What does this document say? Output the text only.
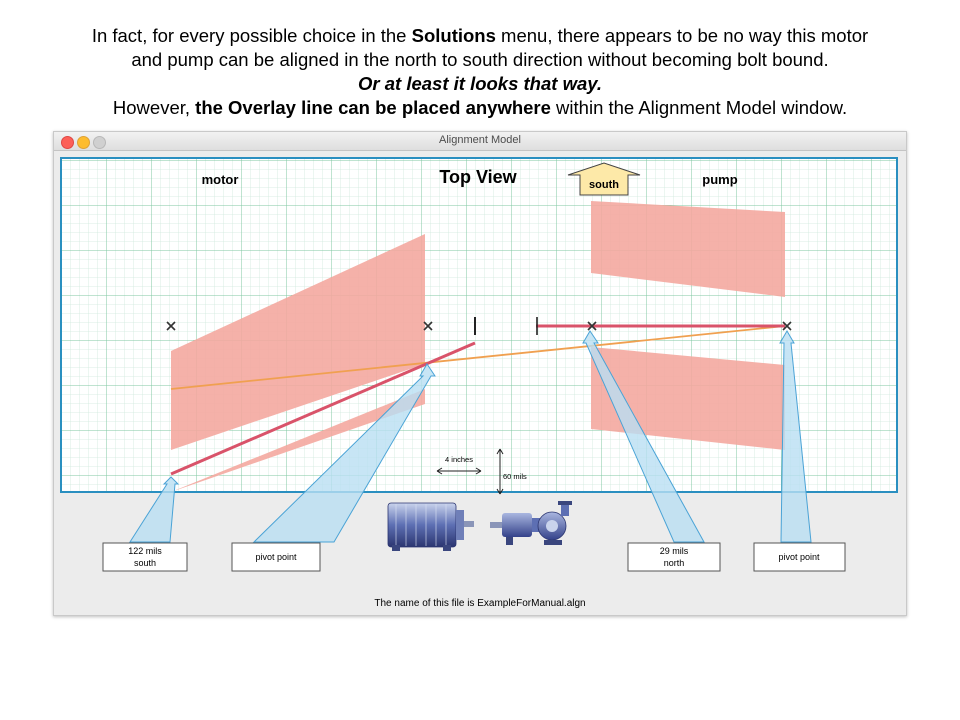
In fact, for every possible choice in the Solutions menu, there appears to be no way this motor
and pump can be aligned in the north to south direction without becoming bolt bound.
Or at least it looks that way.
However, the Overlay line can be placed anywhere within the Alignment Model window.
Alignment Model
motor	Top View	pump
south
4 inches
60 mils
122 mils
south
pivot point
29 mils
north
pivot point
The name of this file is ExampleForManual.algn
